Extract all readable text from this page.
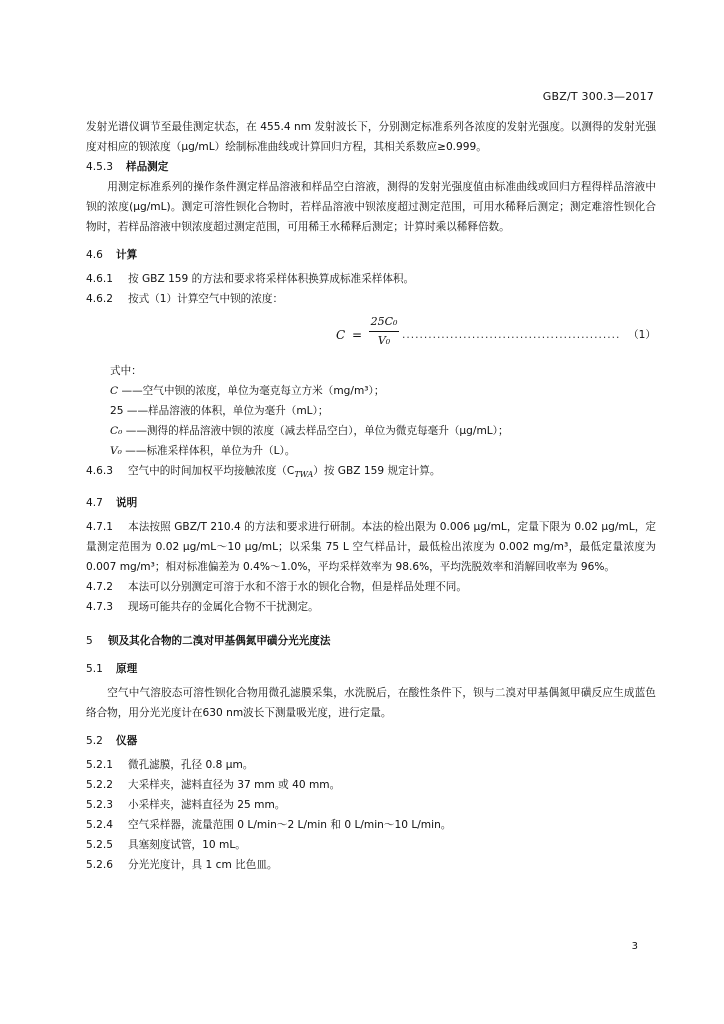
GBZ/T 300.3—2017

发射光谱仪调节至最佳测定状态，在 455.4 nm 发射波长下，分别测定标准系列各浓度的发射光强度。以测得的发射光强度对相应的钡浓度（μg/mL）绘制标准曲线或计算回归方程，其相关系数应≥0.999。

4.5.3 样品测定

用测定标准系列的操作条件测定样品溶液和样品空白溶液，测得的发射光强度值由标准曲线或回归方程得样品溶液中钡的浓度(μg/mL)。测定可溶性钡化合物时，若样品溶液中钡浓度超过测定范围，可用水稀释后测定；测定难溶性钡化合物时，若样品溶液中钡浓度超过测定范围，可用稀王水稀释后测定；计算时乘以稀释倍数。

4.6 计算

4.6.1 按 GBZ 159 的方法和要求将采样体积换算成标准采样体积。

4.6.2 按式（1）计算空气中钡的浓度：

C =
25C₀
V₀	.................................................. （1）

式中：

C ——空气中钡的浓度，单位为毫克每立方米（mg/m³）；

25 ——样品溶液的体积，单位为毫升（mL）；

C₀ ——测得的样品溶液中钡的浓度（减去样品空白），单位为微克每毫升（μg/mL）；

V₀ ——标准采样体积，单位为升（L）。

4.6.3 空气中的时间加权平均接触浓度$(C_{TWA})$按 GBZ 159 规定计算。

4.7 说明

4.7.1 本法按照 GBZ/T 210.4 的方法和要求进行研制。本法的检出限为 0.006 μg/mL，定量下限为 0.02 μg/mL，定量测定范围为 0.02 μg/mL～10 μg/mL；以采集 75 L 空气样品计，最低检出浓度为 0.002 mg/m³，最低定量浓度为 0.007 mg/m³；相对标准偏差为 0.4%～1.0%，平均采样效率为 98.6%，平均洗脱效率和消解回收率为 96%。

4.7.2 本法可以分别测定可溶于水和不溶于水的钡化合物，但是样品处理不同。

4.7.3 现场可能共存的金属化合物不干扰测定。

5 钡及其化合物的二溴对甲基偶氮甲磺分光光度法

5.1 原理

空气中气溶胶态可溶性钡化合物用微孔滤膜采集，水洗脱后，在酸性条件下，钡与二溴对甲基偶氮甲磺反应生成蓝色络合物，用分光光度计在630 nm波长下测量吸光度，进行定量。

5.2 仪器

5.2.1 微孔滤膜，孔径 0.8 μm。

5.2.2 大采样夹，滤料直径为 37 mm 或 40 mm。

5.2.3 小采样夹，滤料直径为 25 mm。

5.2.4 空气采样器，流量范围 0 L/min～2 L/min 和 0 L/min～10 L/min。

5.2.5 具塞刻度试管，10 mL。

5.2.6 分光光度计，具 1 cm 比色皿。

3
